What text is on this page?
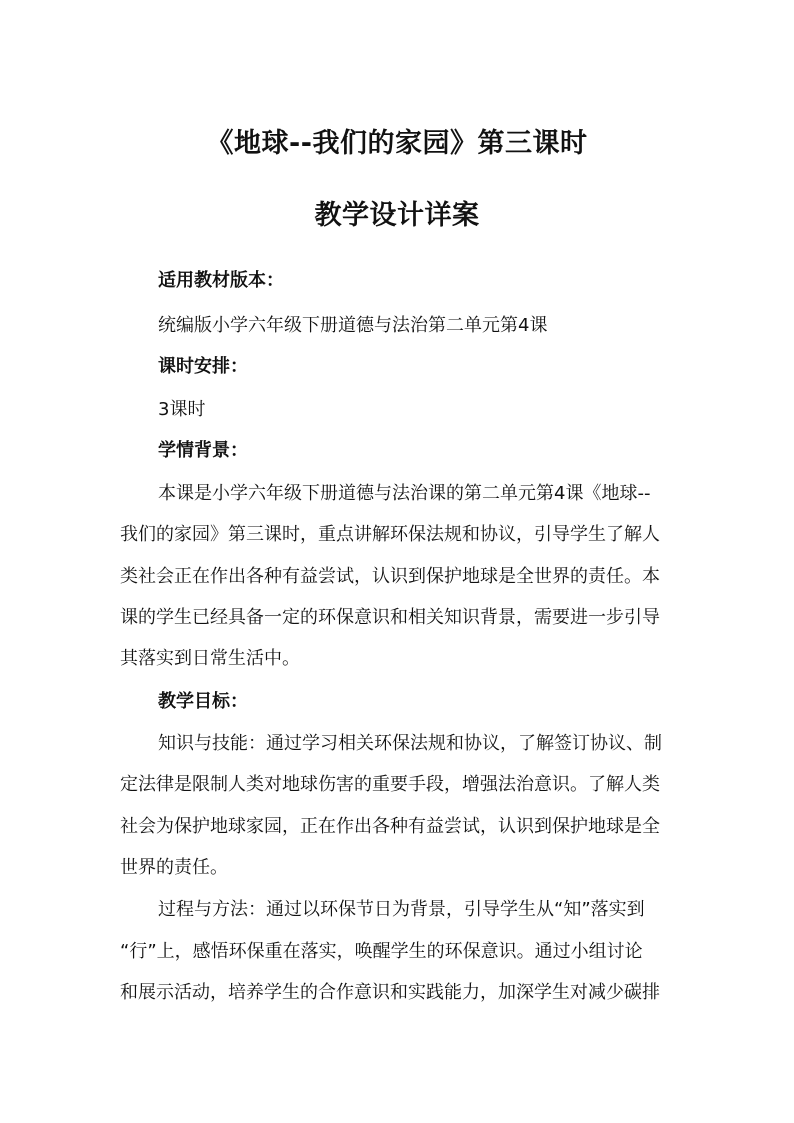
《地球--我们的家园》第三课时
教学设计详案
适用教材版本：
统编版小学六年级下册道德与法治第二单元第4课
课时安排：
3课时
学情背景：
本课是小学六年级下册道德与法治课的第二单元第4课《地球--
我们的家园》第三课时，重点讲解环保法规和协议，引导学生了解人
类社会正在作出各种有益尝试，认识到保护地球是全世界的责任。本
课的学生已经具备一定的环保意识和相关知识背景，需要进一步引导
其落实到日常生活中。
教学目标：
知识与技能：通过学习相关环保法规和协议，了解签订协议、制
定法律是限制人类对地球伤害的重要手段，增强法治意识。了解人类
社会为保护地球家园，正在作出各种有益尝试，认识到保护地球是全
世界的责任。
过程与方法：通过以环保节日为背景，引导学生从“知”落实到
“行”上，感悟环保重在落实，唤醒学生的环保意识。通过小组讨论
和展示活动，培养学生的合作意识和实践能力，加深学生对减少碳排
